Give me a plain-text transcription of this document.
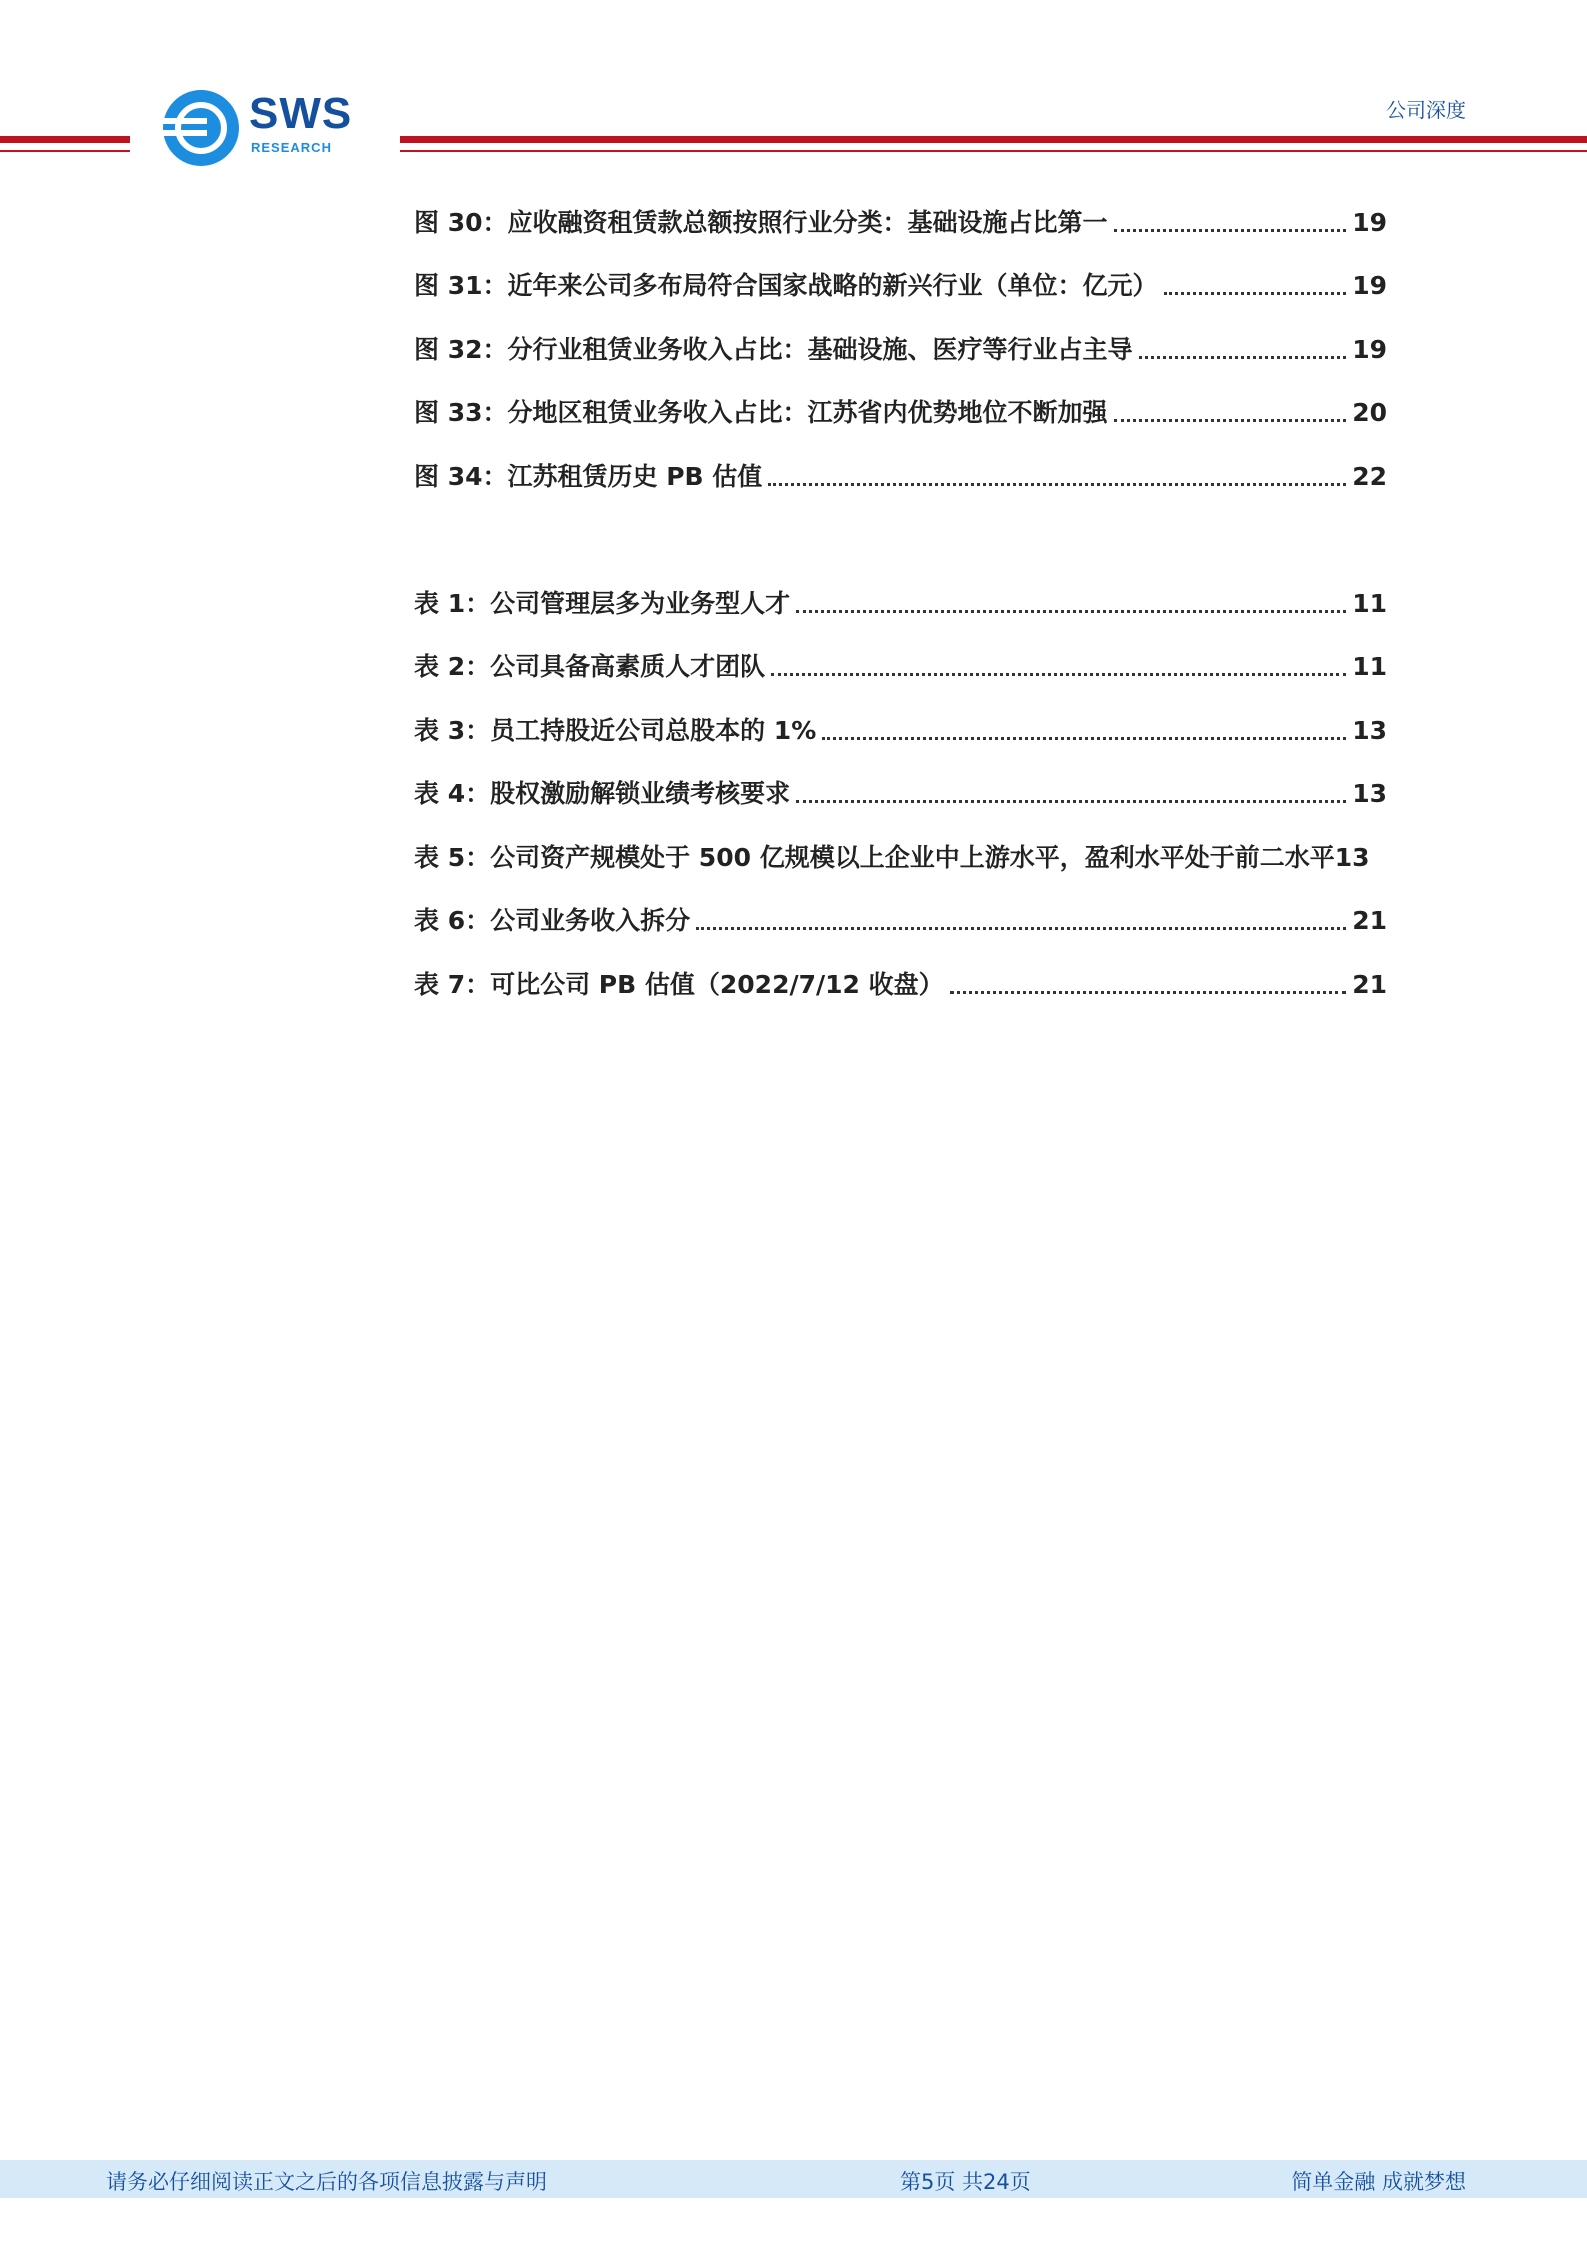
SWS
RESEARCH
公司深度
图 30：应收融资租赁款总额按照行业分类：基础设施占比第一	19
图 31：近年来公司多布局符合国家战略的新兴行业（单位：亿元）	19
图 32：分行业租赁业务收入占比：基础设施、医疗等行业占主导	19
图 33：分地区租赁业务收入占比：江苏省内优势地位不断加强	20
图 34：江苏租赁历史 PB 估值	22
表 1：公司管理层多为业务型人才	11
表 2：公司具备高素质人才团队	11
表 3：员工持股近公司总股本的 1%	13
表 4：股权激励解锁业绩考核要求	13
表 5：公司资产规模处于 500 亿规模以上企业中上游水平，盈利水平处于前二水平 13
表 6：公司业务收入拆分	21
表 7：可比公司 PB 估值（2022/7/12 收盘）	21
请务必仔细阅读正文之后的各项信息披露与声明	第5页 共24页	简单金融 成就梦想
